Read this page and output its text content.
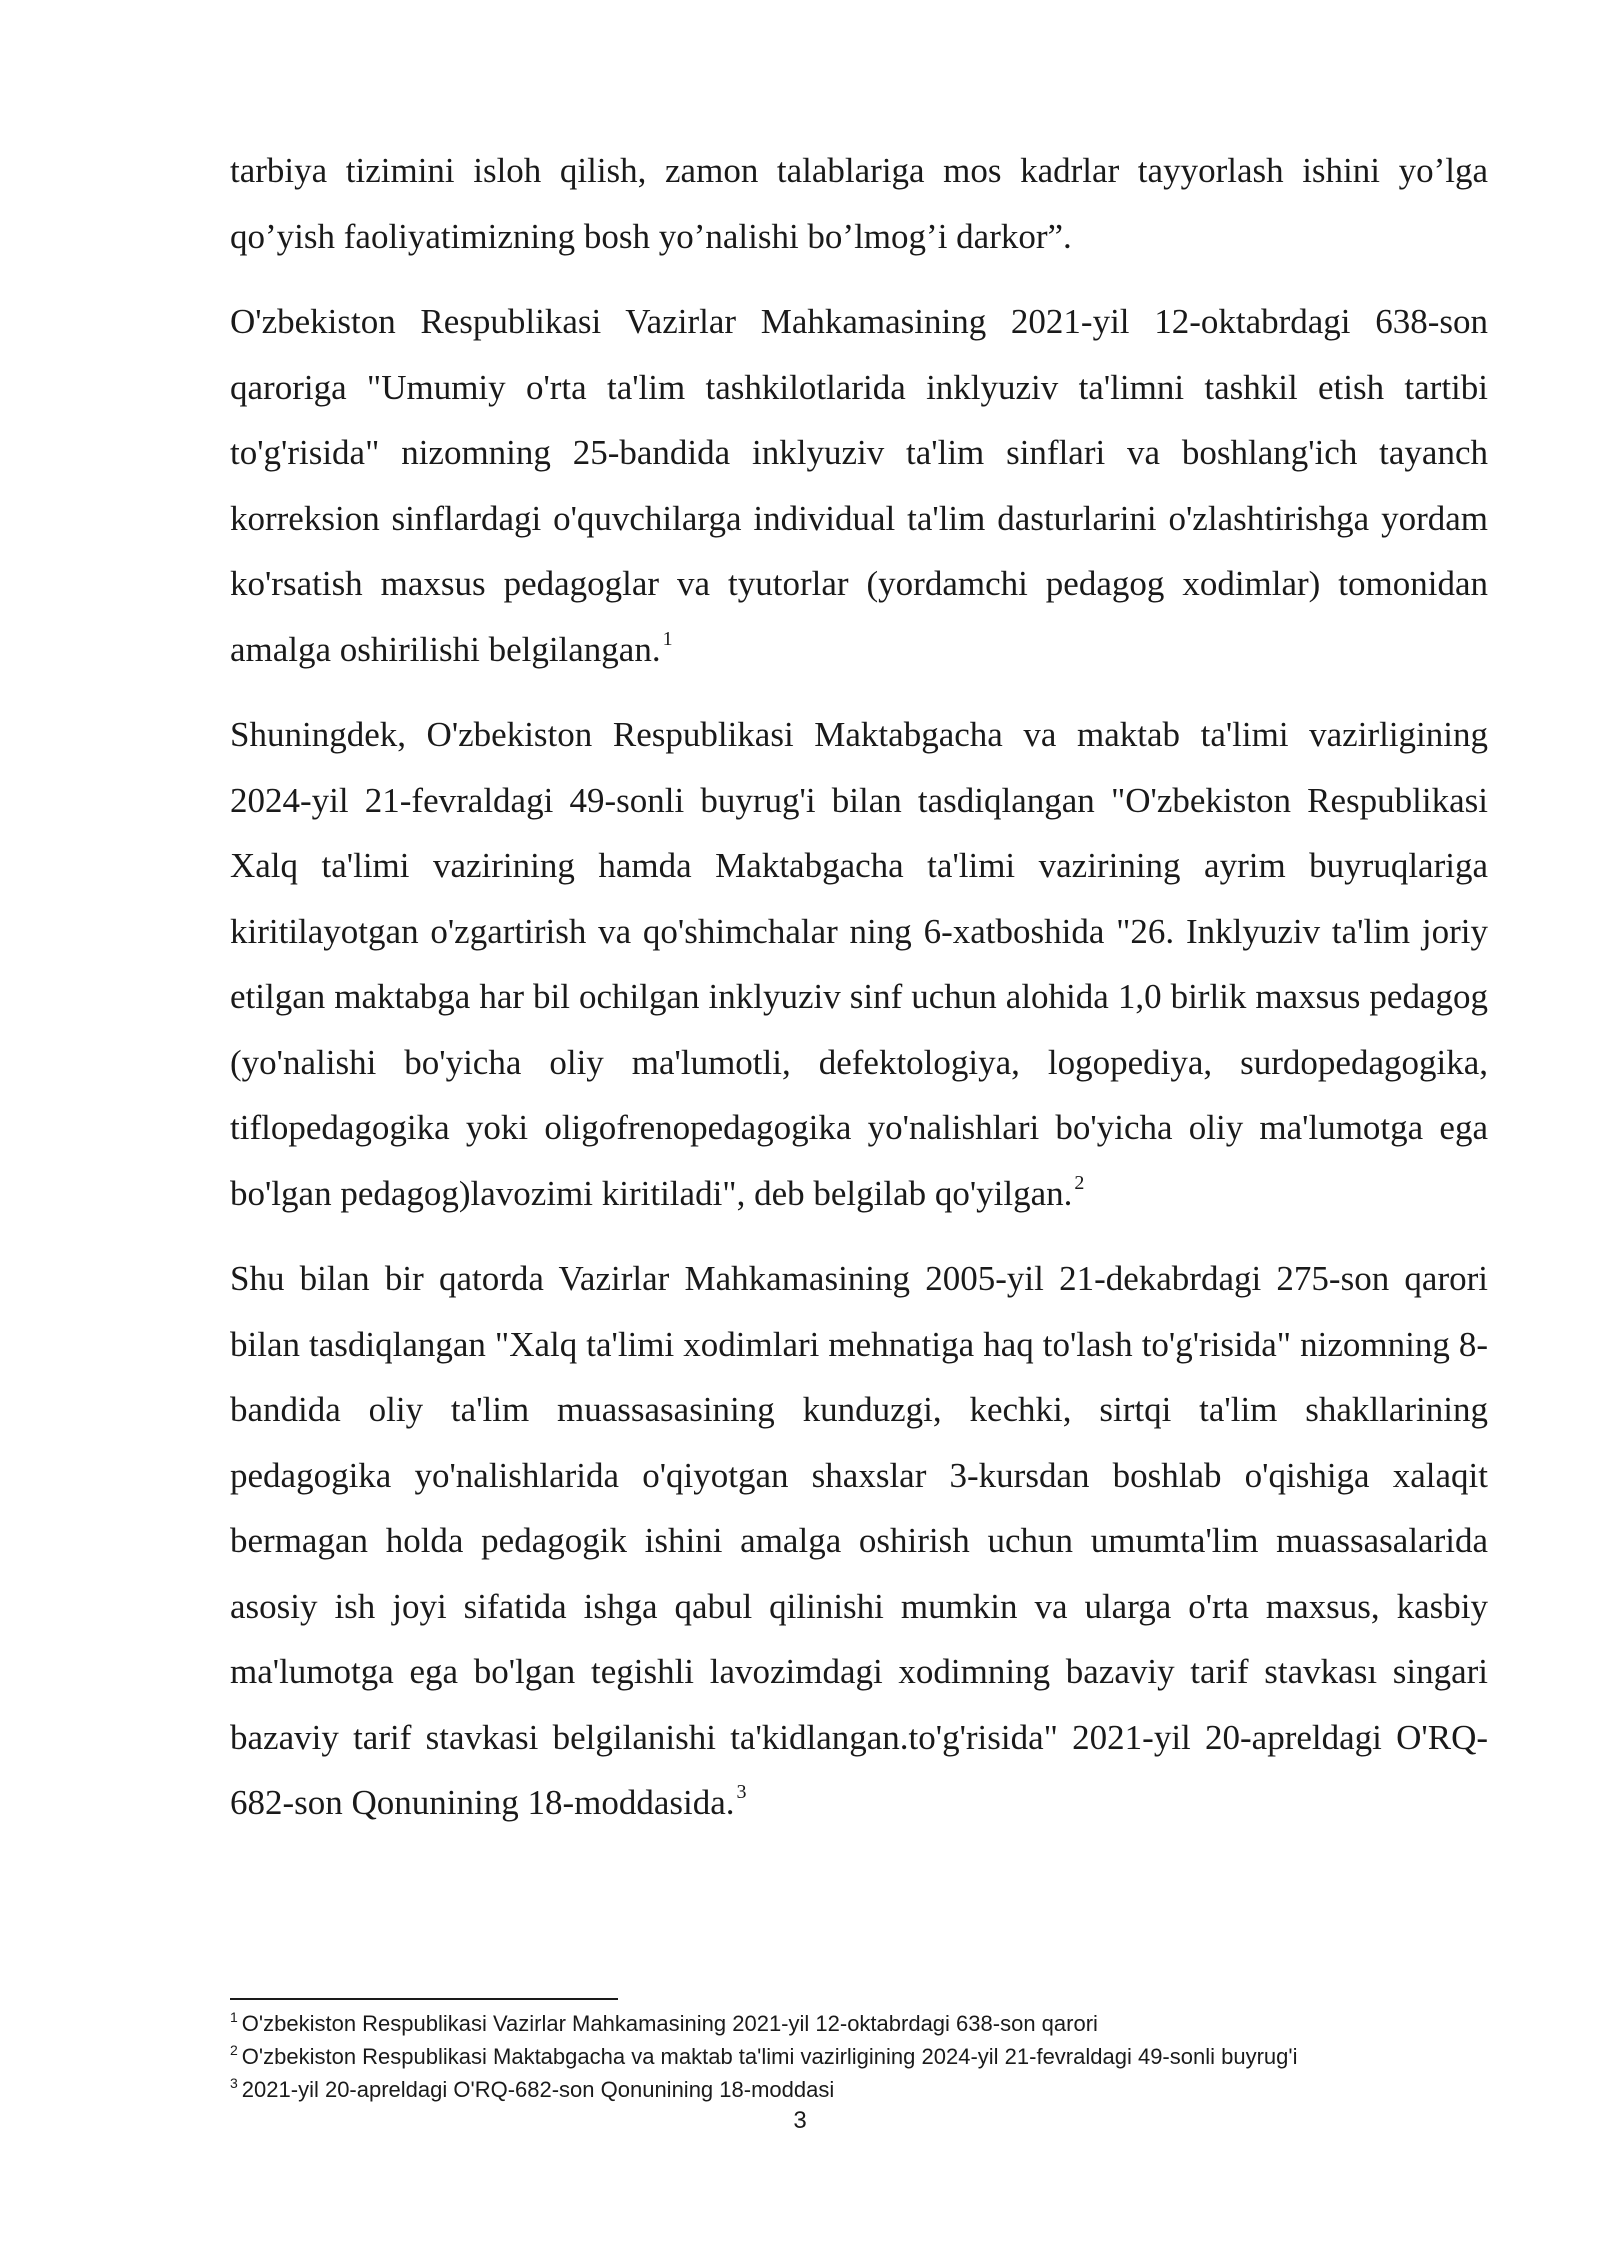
tarbiya tizimini isloh qilish, zamon talablariga mos kadrlar tayyorlash ishini yo’lga qo’yish faoliyatimizning bosh yo’nalishi bo’lmog’i darkor”.

O'zbekiston Respublikasi Vazirlar Mahkamasining 2021-yil 12-oktabrdagi 638-son qaroriga "Umumiy o'rta ta'lim tashkilotlarida inklyuziv ta'limni tashkil etish tartibi to'g'risida" nizomning 25-bandida inklyuziv ta'lim sinflari va boshlang'ich tayanch korreksion sinflardagi o'quvchilarga individual ta'lim dasturlarini o'zlashtirishga yordam ko'rsatish maxsus pedagoglar va tyutorlar (yordamchi pedagog xodimlar) tomonidan amalga oshirilishi belgilangan. $^1$

Shuningdek, O'zbekiston Respublikasi Maktabgacha va maktab ta'limi vazirligining 2024-yil 21-fevraldagi 49-sonli buyrug'i bilan tasdiqlangan "O'zbekiston Respublikasi Xalq ta'limi vazirining hamda Maktabgacha ta'limi vazirining ayrim buyruqlariga kiritilayotgan o'zgartirish va qo'shimchalar ning 6-xatboshida "26. Inklyuziv ta'lim joriy etilgan maktabga har bil ochilgan inklyuziv sinf uchun alohida 1,0 birlik maxsus pedagog (yo'nalishi bo'yicha oliy ma'lumotli, defektologiya, logopediya, surdopedagogika, tiflopedagogika yoki oligofrenopedagogika yo'nalishlari bo'yicha oliy ma'lumotga ega bo'lgan pedagog)lavozimi kiritiladi", deb belgilab qo'yilgan. $^2$

Shu bilan bir qatorda Vazirlar Mahkamasining 2005-yil 21-dekabrdagi 275-son qarori bilan tasdiqlangan "Xalq ta'limi xodimlari mehnatiga haq to'lash to'g'risida" nizomning 8-bandida oliy ta'lim muassasasining kunduzgi, kechki, sirtqi ta'lim shakllarining pedagogika yo'nalishlarida o'qiyotgan shaxslar 3-kursdan boshlab o'qishiga xalaqit bermagan holda pedagogik ishini amalga oshirish uchun umumta'lim muassasalarida asosiy ish joyi sifatida ishga qabul qilinishi mumkin va ularga o'rta maxsus, kasbiy ma'lumotga ega bo'lgan tegishli lavozimdagi xodimning bazaviy tarif stavkası singari bazaviy tarif stavkasi belgilanishi ta'kidlangan.to'g'risida" 2021-yil 20-apreldagi O'RQ-682-son Qonunining 18-moddasida. $^3$

$^1$ O'zbekiston Respublikasi Vazirlar Mahkamasining 2021-yil 12-oktabrdagi 638-son qarori

$^2$ O'zbekiston Respublikasi Maktabgacha va maktab ta'limi vazirligining 2024-yil 21-fevraldagi 49-sonli buyrug'i

$^3$ 2021-yil 20-apreldagi O'RQ-682-son Qonunining 18-moddasi

3
